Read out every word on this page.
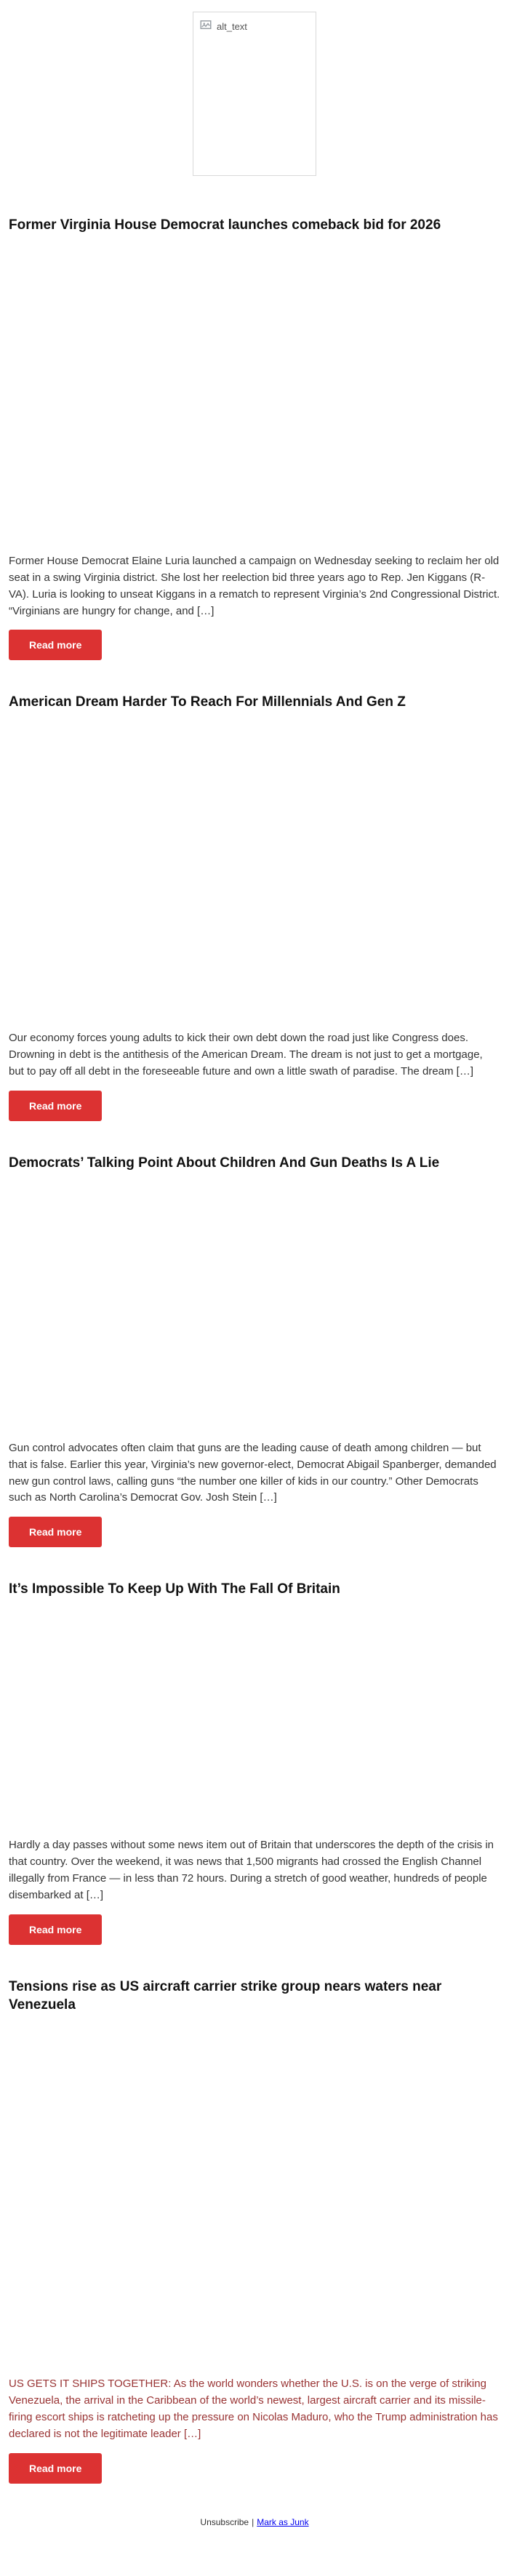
alt_text
Former Virginia House Democrat launches comeback bid for 2026

Former House Democrat Elaine Luria launched a campaign on Wednesday seeking to reclaim her old seat in a swing Virginia district. She lost her reelection bid three years ago to Rep. Jen Kiggans (R-VA). Luria is looking to unseat Kiggans in a rematch to represent Virginia’s 2nd Congressional District. “Virginians are hungry for change, and […]

Read more
American Dream Harder To Reach For Millennials And Gen Z

Our economy forces young adults to kick their own debt down the road just like Congress does. Drowning in debt is the antithesis of the American Dream. The dream is not just to get a mortgage, but to pay off all debt in the foreseeable future and own a little swath of paradise. The dream […]

Read more
Democrats’ Talking Point About Children And Gun Deaths Is A Lie

Gun control advocates often claim that guns are the leading cause of death among children — but that is false. Earlier this year, Virginia’s new governor-elect, Democrat Abigail Spanberger, demanded new gun control laws, calling guns “the number one killer of kids in our country.” Other Democrats such as North Carolina’s Democrat Gov. Josh Stein […]

Read more
It’s Impossible To Keep Up With The Fall Of Britain

Hardly a day passes without some news item out of Britain that underscores the depth of the crisis in that country. Over the weekend, it was news that 1,500 migrants had crossed the English Channel illegally from France — in less than 72 hours. During a stretch of good weather, hundreds of people disembarked at […]

Read more
Tensions rise as US aircraft carrier strike group nears waters near Venezuela

US GETS IT SHIPS TOGETHER: As the world wonders whether the U.S. is on the verge of striking Venezuela, the arrival in the Caribbean of the world’s newest, largest aircraft carrier and its missile-firing escort ships is ratcheting up the pressure on Nicolas Maduro, who the Trump administration has declared is not the legitimate leader […]

Read more
Unsubscribe | Mark as Junk
